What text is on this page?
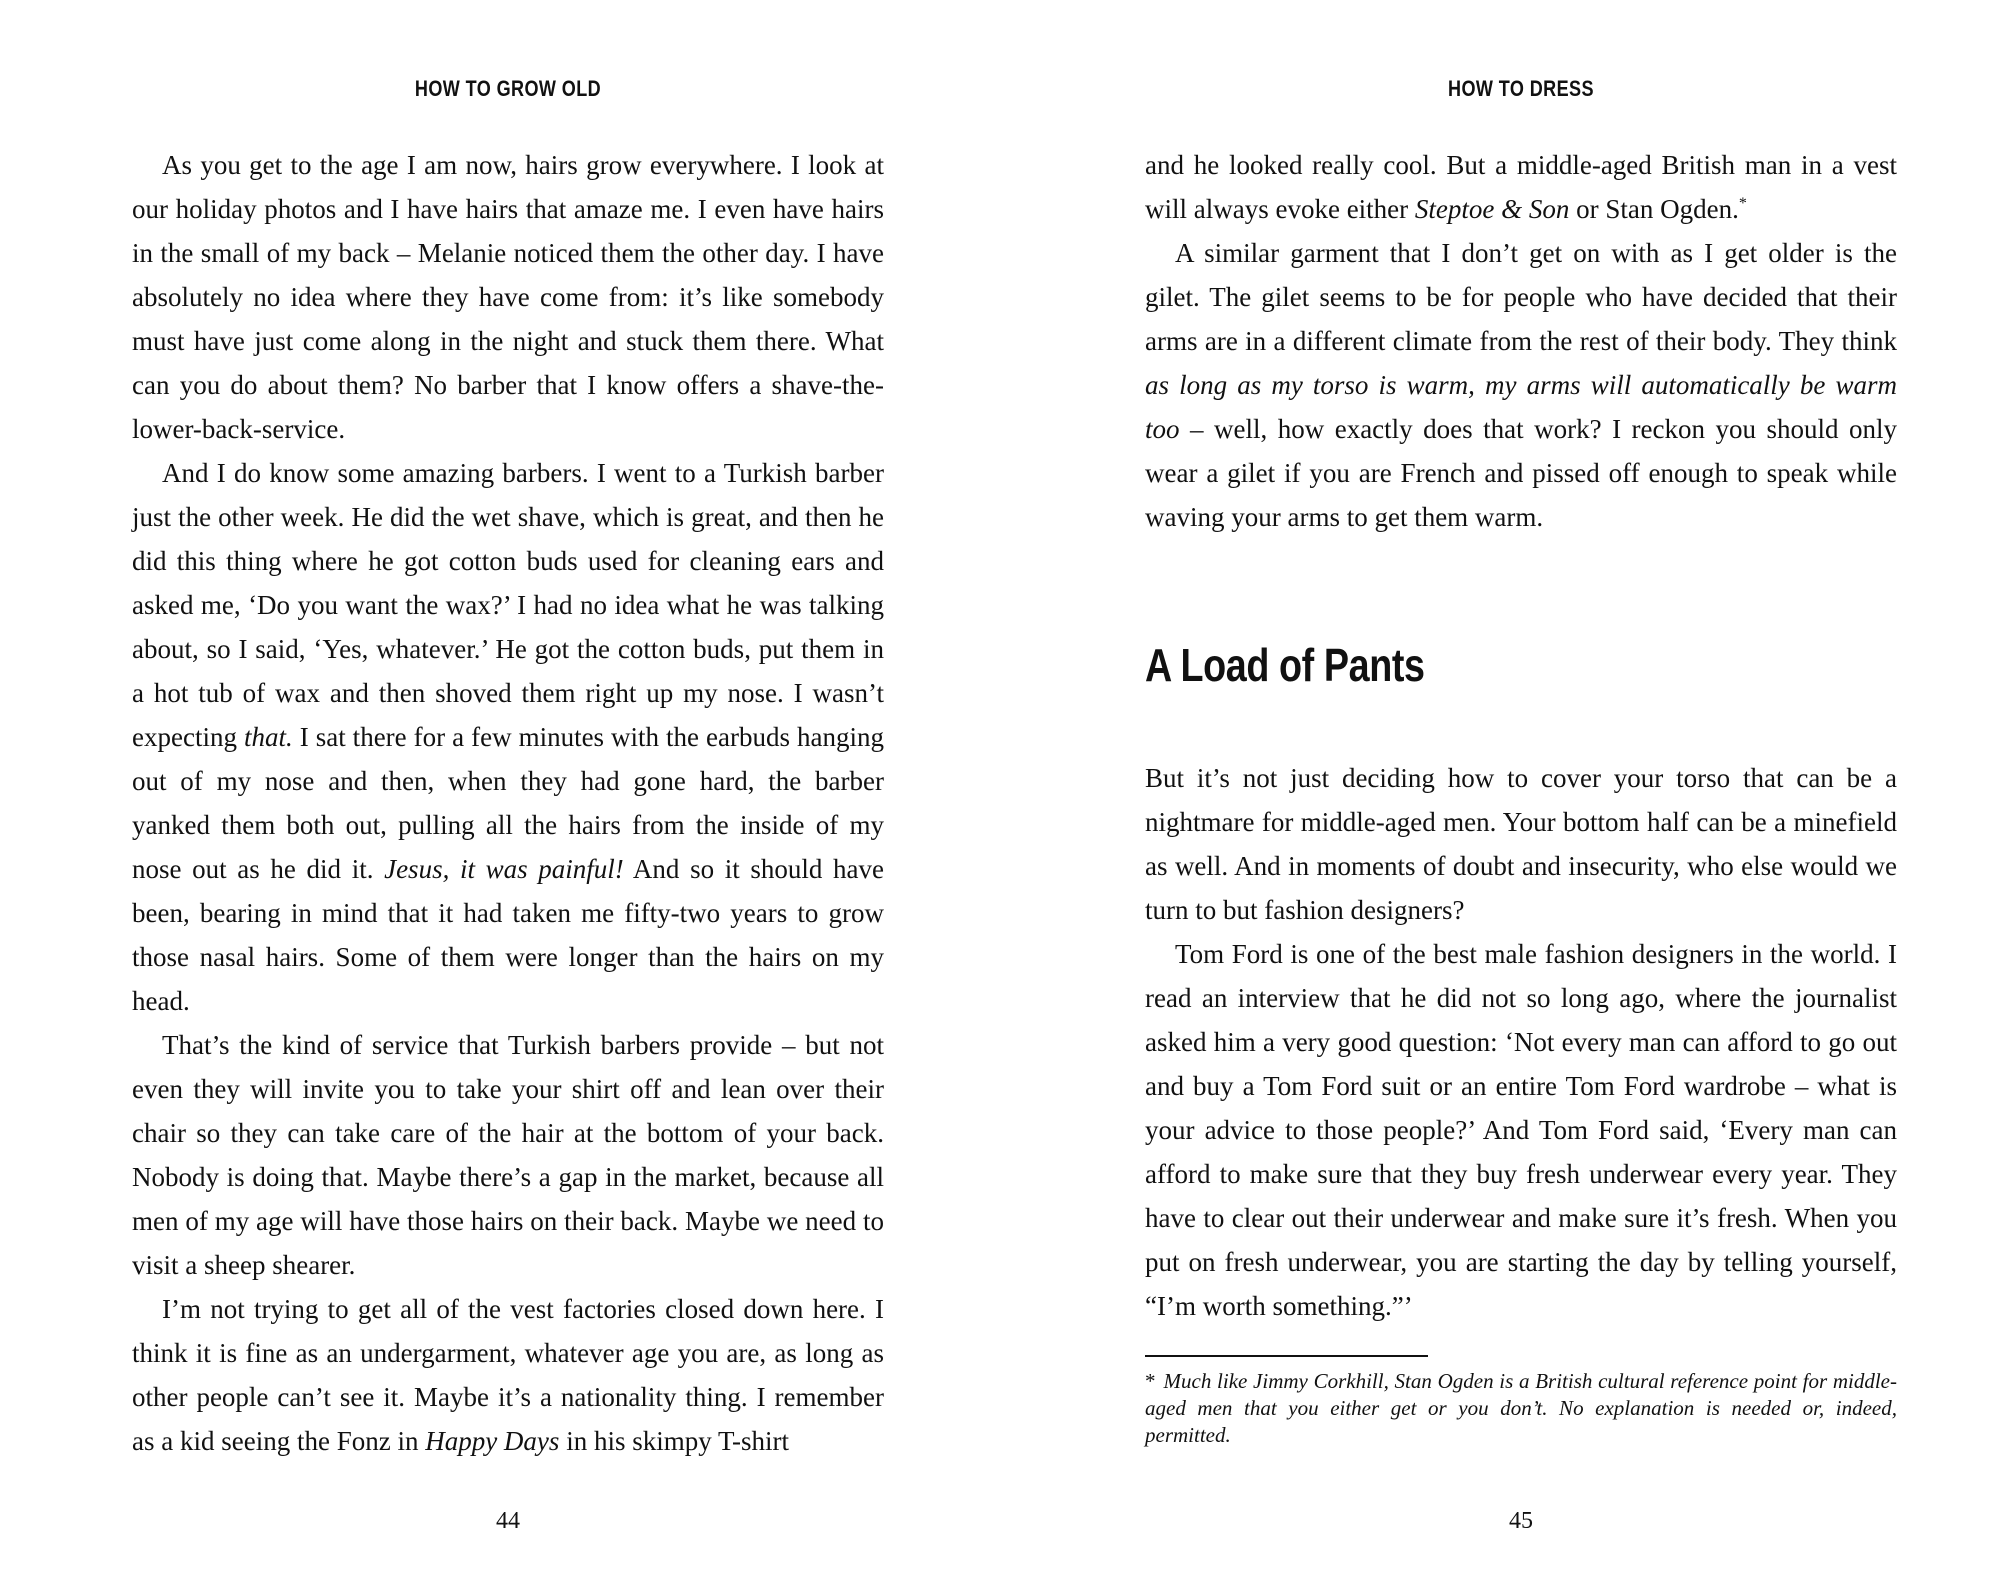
HOW TO GROW OLD

As you get to the age I am now, hairs grow everywhere. I look at our holiday photos and I have hairs that amaze me. I even have hairs in the small of my back – Melanie noticed them the other day. I have absolutely no idea where they have come from: it’s like somebody must have just come along in the night and stuck them there. What can you do about them? No barber that I know offers a shave-the-lower-back-service.

And I do know some amazing barbers. I went to a Turkish barber just the other week. He did the wet shave, which is great, and then he did this thing where he got cotton buds used for cleaning ears and asked me, ‘Do you want the wax?’ I had no idea what he was talking about, so I said, ‘Yes, whatever.’ He got the cotton buds, put them in a hot tub of wax and then shoved them right up my nose. I wasn’t expecting that. I sat there for a few minutes with the earbuds hanging out of my nose and then, when they had gone hard, the barber yanked them both out, pulling all the hairs from the inside of my nose out as he did it. Jesus, it was painful! And so it should have been, bearing in mind that it had taken me fifty-two years to grow those nasal hairs. Some of them were longer than the hairs on my head.

That’s the kind of service that Turkish barbers provide – but not even they will invite you to take your shirt off and lean over their chair so they can take care of the hair at the bottom of your back. Nobody is doing that. Maybe there’s a gap in the market, because all men of my age will have those hairs on their back. Maybe we need to visit a sheep shearer.

I’m not trying to get all of the vest factories closed down here. I think it is fine as an undergarment, whatever age you are, as long as other people can’t see it. Maybe it’s a nationality thing. I remember as a kid seeing the Fonz in Happy Days in his skimpy T-shirt

44
HOW TO DRESS

and he looked really cool. But a middle-aged British man in a vest will always evoke either Steptoe & Son or Stan Ogden.*

A similar garment that I don’t get on with as I get older is the gilet. The gilet seems to be for people who have decided that their arms are in a different climate from the rest of their body. They think as long as my torso is warm, my arms will automatically be warm too – well, how exactly does that work? I reckon you should only wear a gilet if you are French and pissed off enough to speak while waving your arms to get them warm.

A Load of Pants

But it’s not just deciding how to cover your torso that can be a nightmare for middle-aged men. Your bottom half can be a minefield as well. And in moments of doubt and insecurity, who else would we turn to but fashion designers?

Tom Ford is one of the best male fashion designers in the world. I read an interview that he did not so long ago, where the journalist asked him a very good question: ‘Not every man can afford to go out and buy a Tom Ford suit or an entire Tom Ford wardrobe – what is your advice to those people?’ And Tom Ford said, ‘Every man can afford to make sure that they buy fresh underwear every year. They have to clear out their underwear and make sure it’s fresh. When you put on fresh underwear, you are starting the day by telling yourself, “I’m worth something.”’

* Much like Jimmy Corkhill, Stan Ogden is a British cultural reference point for middle-aged men that you either get or you don’t. No explanation is needed or, indeed, permitted.
45
